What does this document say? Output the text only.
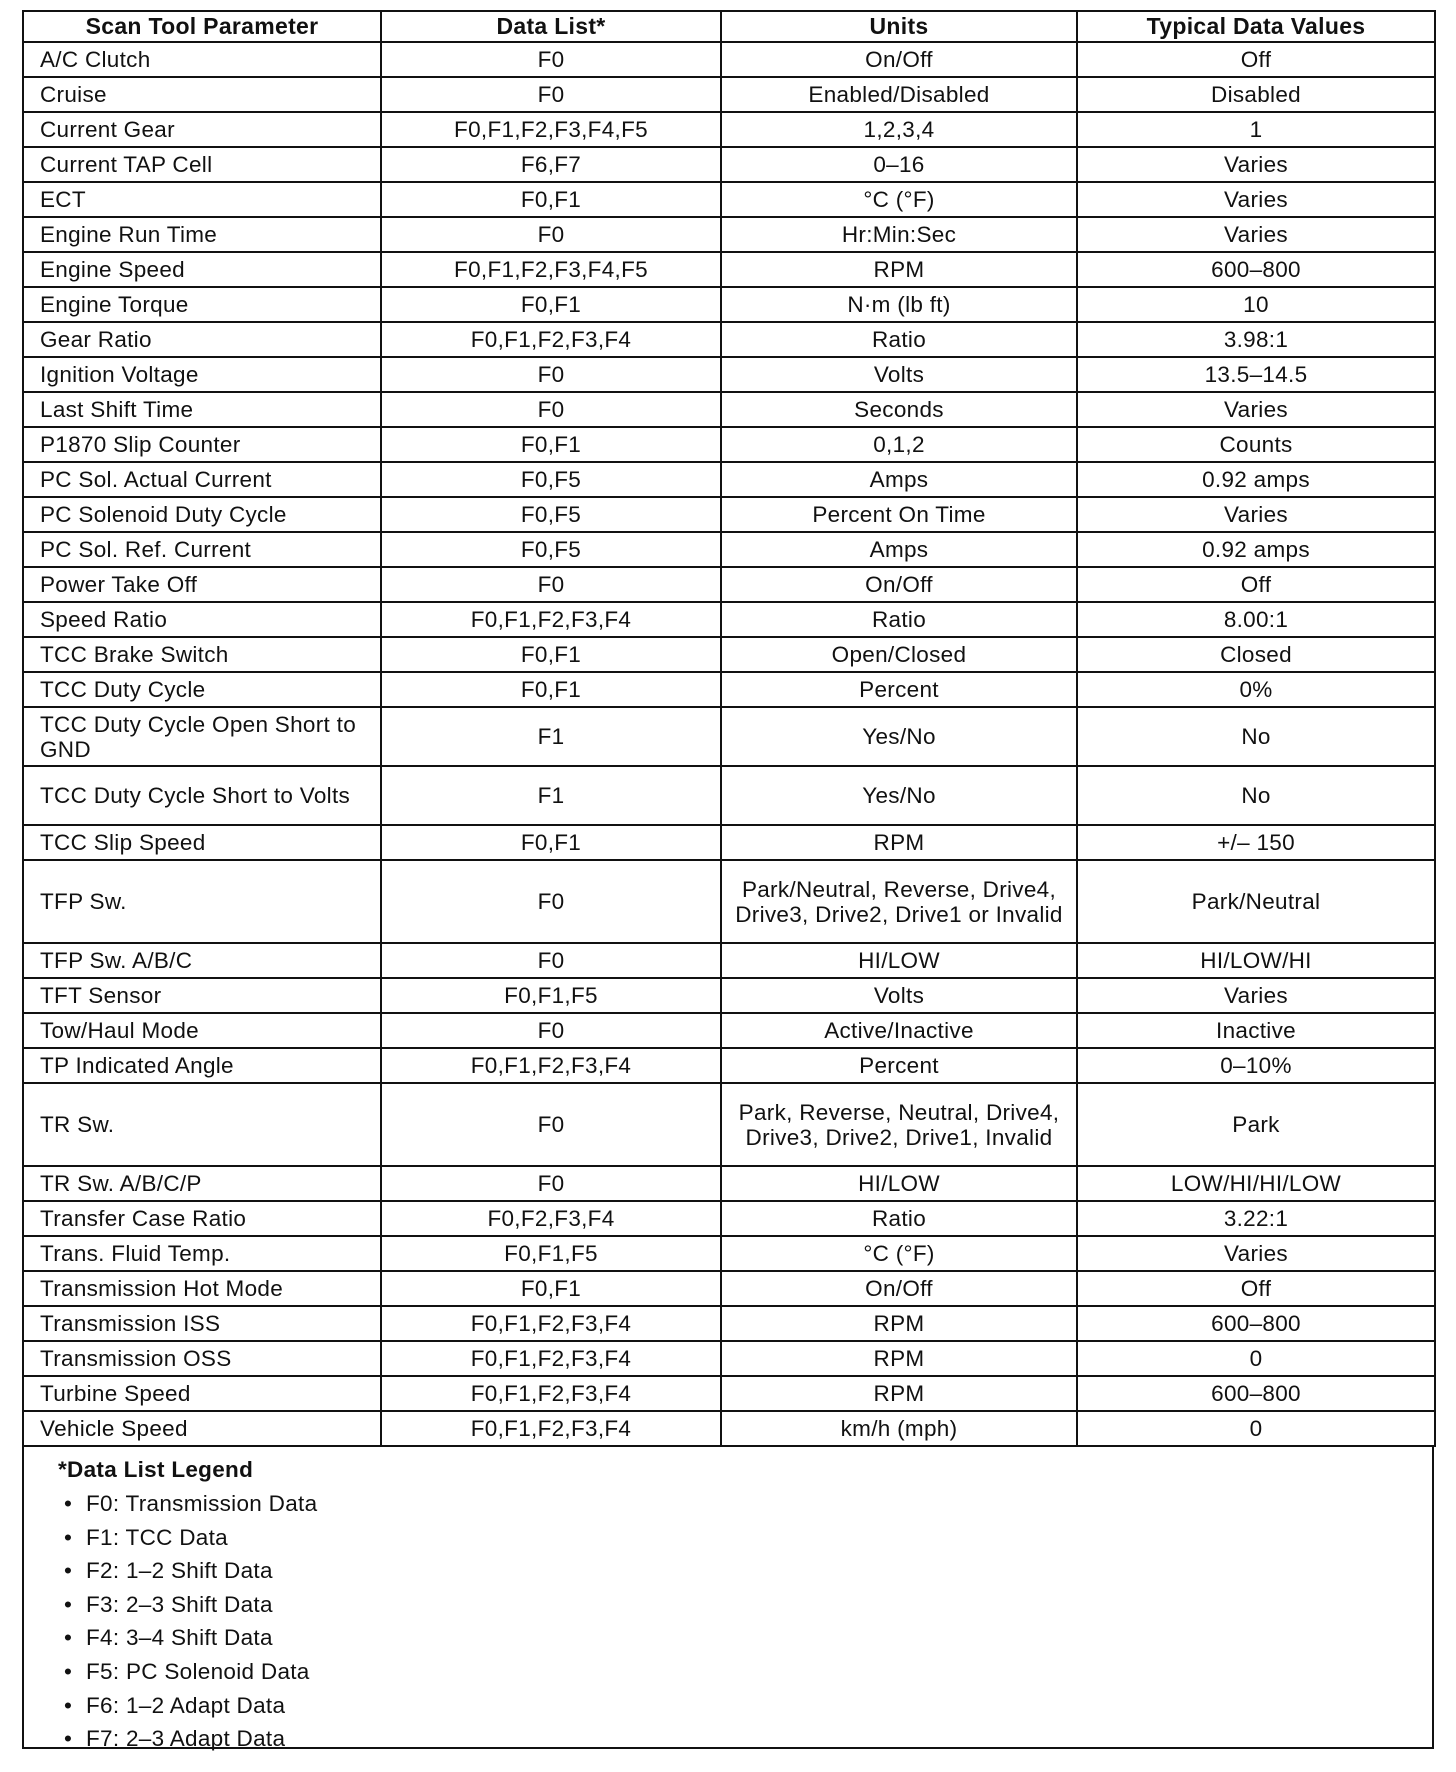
Scan Tool Parameter	Data List*	Units	Typical Data Values
A/C Clutch	F0	On/Off	Off
Cruise	F0	Enabled/Disabled	Disabled
Current Gear	F0,F1,F2,F3,F4,F5	1,2,3,4	1
Current TAP Cell	F6,F7	0–16	Varies
ECT	F0,F1	°C (°F)	Varies
Engine Run Time	F0	Hr:Min:Sec	Varies
Engine Speed	F0,F1,F2,F3,F4,F5	RPM	600–800
Engine Torque	F0,F1	N·m (lb ft)	10
Gear Ratio	F0,F1,F2,F3,F4	Ratio	3.98:1
Ignition Voltage	F0	Volts	13.5–14.5
Last Shift Time	F0	Seconds	Varies
P1870 Slip Counter	F0,F1	0,1,2	Counts
PC Sol. Actual Current	F0,F5	Amps	0.92 amps
PC Solenoid Duty Cycle	F0,F5	Percent On Time	Varies
PC Sol. Ref. Current	F0,F5	Amps	0.92 amps
Power Take Off	F0	On/Off	Off
Speed Ratio	F0,F1,F2,F3,F4	Ratio	8.00:1
TCC Brake Switch	F0,F1	Open/Closed	Closed
TCC Duty Cycle	F0,F1	Percent	0%
TCC Duty Cycle Open Short to GND	F1	Yes/No	No
TCC Duty Cycle Short to Volts	F1	Yes/No	No
TCC Slip Speed	F0,F1	RPM	+/– 150
TFP Sw.	F0	Park/Neutral, Reverse, Drive4, Drive3, Drive2, Drive1 or Invalid	Park/Neutral
TFP Sw. A/B/C	F0	HI/LOW	HI/LOW/HI
TFT Sensor	F0,F1,F5	Volts	Varies
Tow/Haul Mode	F0	Active/Inactive	Inactive
TP Indicated Angle	F0,F1,F2,F3,F4	Percent	0–10%
TR Sw.	F0	Park, Reverse, Neutral, Drive4, Drive3, Drive2, Drive1, Invalid	Park
TR Sw. A/B/C/P	F0	HI/LOW	LOW/HI/HI/LOW
Transfer Case Ratio	F0,F2,F3,F4	Ratio	3.22:1
Trans. Fluid Temp.	F0,F1,F5	°C (°F)	Varies
Transmission Hot Mode	F0,F1	On/Off	Off
Transmission ISS	F0,F1,F2,F3,F4	RPM	600–800
Transmission OSS	F0,F1,F2,F3,F4	RPM	0
Turbine Speed	F0,F1,F2,F3,F4	RPM	600–800
Vehicle Speed	F0,F1,F2,F3,F4	km/h (mph)	0
*Data List Legend
• F0: Transmission Data
• F1: TCC Data
• F2: 1–2 Shift Data
• F3: 2–3 Shift Data
• F4: 3–4 Shift Data
• F5: PC Solenoid Data
• F6: 1–2 Adapt Data
• F7: 2–3 Adapt Data
